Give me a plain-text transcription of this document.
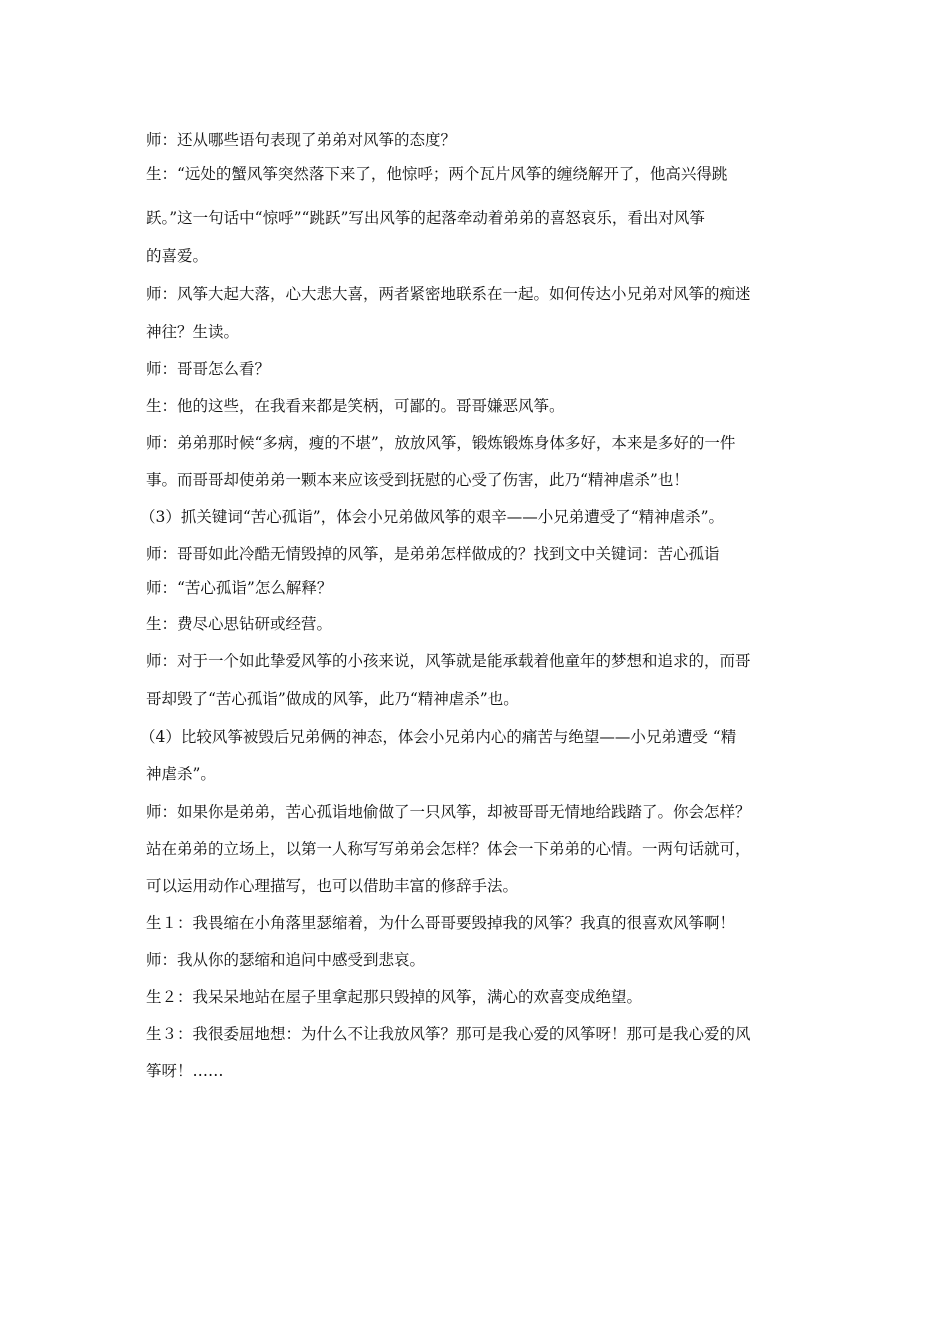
师：还从哪些语句表现了弟弟对风筝的态度？
生：“远处的蟹风筝突然落下来了，他惊呼；两个瓦片风筝的缠绕解开了，他高兴得跳
跃。”这一句话中“惊呼”“跳跃”写出风筝的起落牵动着弟弟的喜怒哀乐，看出对风筝
的喜爱。
师：风筝大起大落，心大悲大喜，两者紧密地联系在一起。如何传达小兄弟对风筝的痴迷
神往？生读。
师：哥哥怎么看？
生：他的这些，在我看来都是笑柄，可鄙的。哥哥嫌恶风筝。
师：弟弟那时候“多病，瘦的不堪”，放放风筝，锻炼锻炼身体多好，本来是多好的一件
事。而哥哥却使弟弟一颗本来应该受到抚慰的心受了伤害，此乃“精神虐杀”也！
（3）抓关键词“苦心孤诣”，体会小兄弟做风筝的艰辛——小兄弟遭受了“精神虐杀”。
师：哥哥如此冷酷无情毁掉的风筝，是弟弟怎样做成的？找到文中关键词：苦心孤诣
师：“苦心孤诣”怎么解释？
生：费尽心思钻研或经营。
师：对于一个如此挚爱风筝的小孩来说，风筝就是能承载着他童年的梦想和追求的，而哥
哥却毁了“苦心孤诣”做成的风筝，此乃“精神虐杀”也。
（4）比较风筝被毁后兄弟俩的神态，体会小兄弟内心的痛苦与绝望——小兄弟遭受 “精
神虐杀”。
师：如果你是弟弟，苦心孤诣地偷做了一只风筝，却被哥哥无情地给践踏了。你会怎样？
站在弟弟的立场上，以第一人称写写弟弟会怎样？体会一下弟弟的心情。一两句话就可，
可以运用动作心理描写，也可以借助丰富的修辞手法。
生１：我畏缩在小角落里瑟缩着，为什么哥哥要毁掉我的风筝？我真的很喜欢风筝啊！
师：我从你的瑟缩和追问中感受到悲哀。
生２：我呆呆地站在屋子里拿起那只毁掉的风筝，满心的欢喜变成绝望。
生３：我很委屈地想：为什么不让我放风筝？那可是我心爱的风筝呀！那可是我心爱的风
筝呀！……
